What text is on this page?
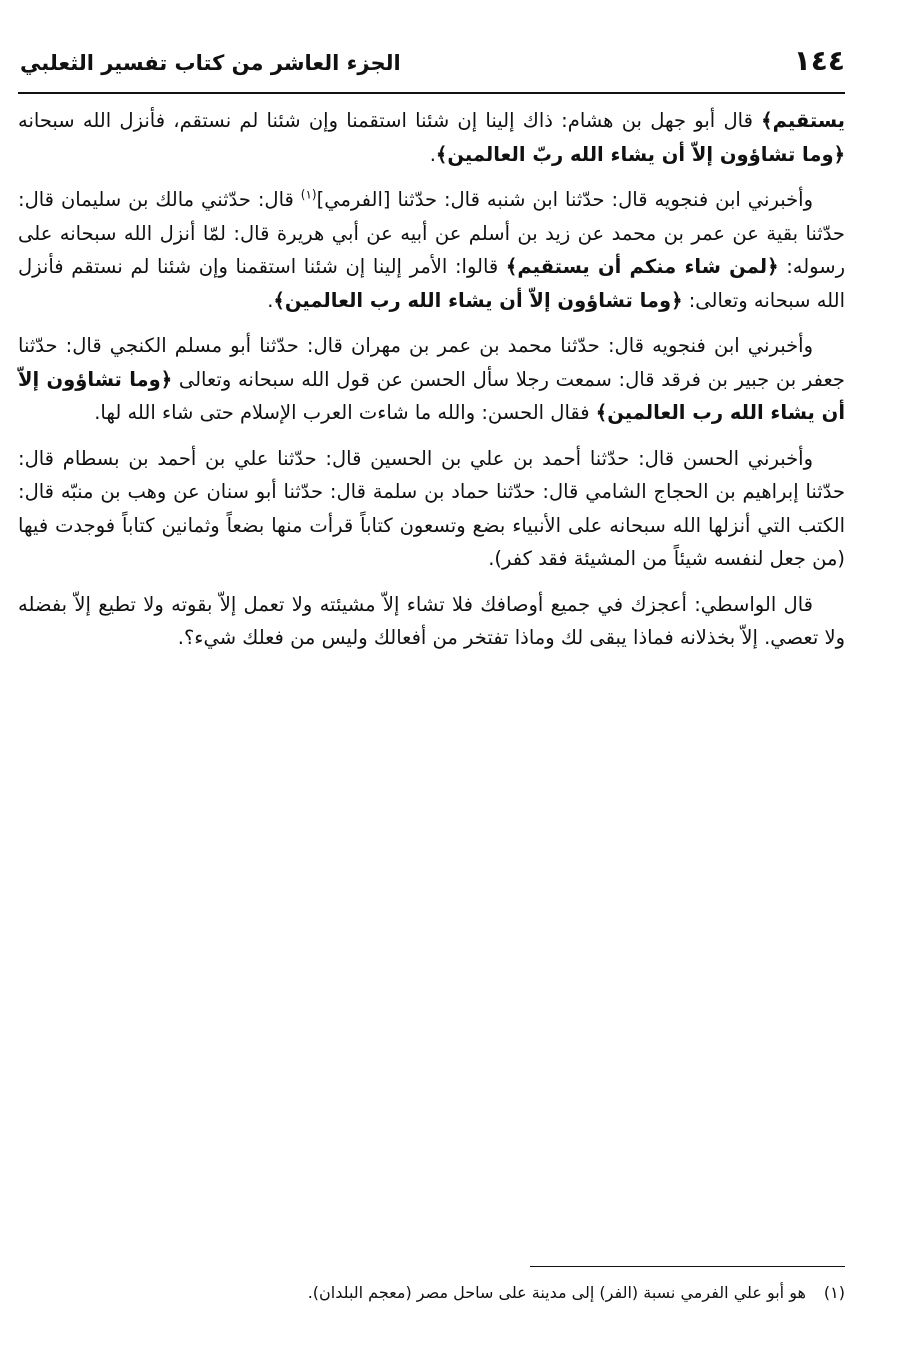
١٤٤
الجزء العاشر من كتاب تفسير الثعلبي

يستقيم﴾ قال أبو جهل بن هشام: ذاك إلينا إن شئنا استقمنا وإن شئنا لم نستقم، فأنزل الله سبحانه ﴿وما تشاؤون إلاّ أن يشاء الله ربّ العالمين﴾.

وأخبرني ابن فنجويه قال: حدّثنا ابن شنبه قال: حدّثنا [الفرمي]$^{(١)}$ قال: حدّثني مالك بن سليمان قال: حدّثنا بقية عن عمر بن محمد عن زيد بن أسلم عن أبيه عن أبي هريرة قال: لمّا أنزل الله سبحانه على رسوله: ﴿لمن شاء منكم أن يستقيم﴾ قالوا: الأمر إلينا إن شئنا استقمنا وإن شئنا لم نستقم فأنزل الله سبحانه وتعالى: ﴿وما تشاؤون إلاّ أن يشاء الله رب العالمين﴾.

وأخبرني ابن فنجويه قال: حدّثنا محمد بن عمر بن مهران قال: حدّثنا أبو مسلم الكنجي قال: حدّثنا جعفر بن جبير بن فرقد قال: سمعت رجلا سأل الحسن عن قول الله سبحانه وتعالى ﴿وما تشاؤون إلاّ أن يشاء الله رب العالمين﴾ فقال الحسن: والله ما شاءت العرب الإسلام حتى شاء الله لها.

وأخبرني الحسن قال: حدّثنا أحمد بن علي بن الحسين قال: حدّثنا علي بن أحمد بن بسطام قال: حدّثنا إبراهيم بن الحجاج الشامي قال: حدّثنا حماد بن سلمة قال: حدّثنا أبو سنان عن وهب بن منبّه قال: الكتب التي أنزلها الله سبحانه على الأنبياء بضع وتسعون كتاباً قرأت منها بضعاً وثمانين كتاباً فوجدت فيها (من جعل لنفسه شيئاً من المشيئة فقد كفر).

قال الواسطي: أعجزك في جميع أوصافك فلا تشاء إلاّ مشيئته ولا تعمل إلاّ بقوته ولا تطيع إلاّ بفضله ولا تعصي. إلاّ بخذلانه فماذا يبقى لك وماذا تفتخر من أفعالك وليس من فعلك شيء؟.

(١)هو أبو علي الفرمي نسبة (الفر) إلى مدينة على ساحل مصر (معجم البلدان).
